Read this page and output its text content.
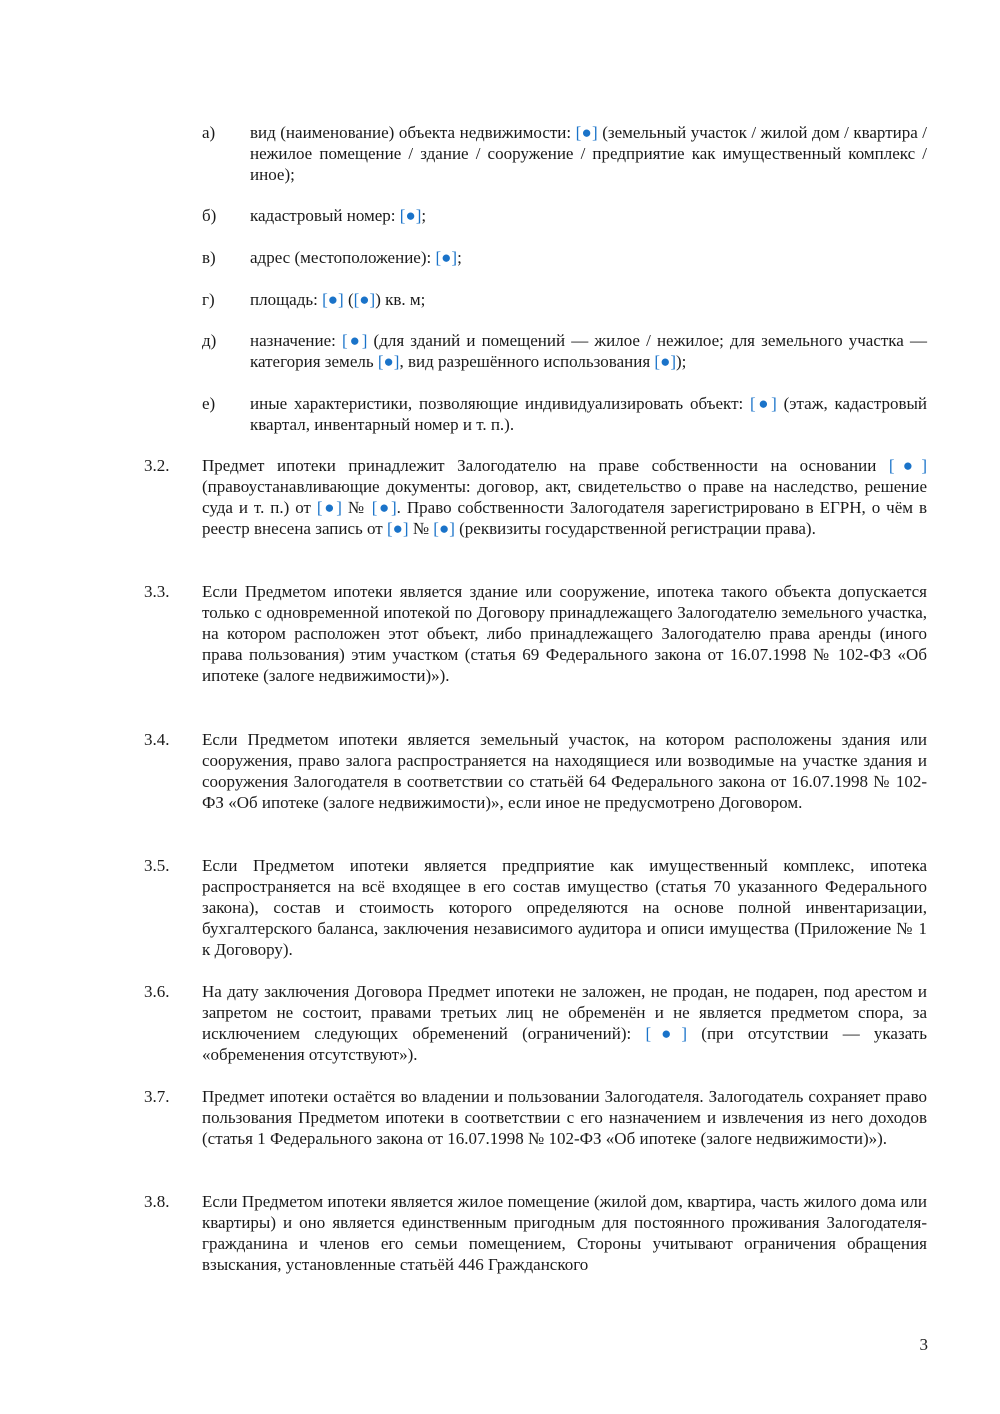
а) вид (наименование) объекта недвижимости: [●] (земельный участок / жилой дом / квартира / нежилое помещение / здание / сооружение / предприятие как имущественный комплекс / иное);
б) кадастровый номер: [●];
в) адрес (местоположение): [●];
г) площадь: [●] ([●]) кв. м;
д) назначение: [●] (для зданий и помещений — жилое / нежилое; для земельного участка — категория земель [●], вид разрешённого использования [●]);
е) иные характеристики, позволяющие индивидуализировать объект: [●] (этаж, кадастровый квартал, инвентарный номер и т. п.).
3.2. Предмет ипотеки принадлежит Залогодателю на праве собственности на основании [●] (правоустанавливающие документы: договор, акт, свидетельство о праве на наследство, решение суда и т. п.) от [●] № [●]. Право собственности Залогодателя зарегистрировано в ЕГРН, о чём в реестр внесена запись от [●] № [●] (реквизиты государственной регистрации права).
3.3. Если Предметом ипотеки является здание или сооружение, ипотека такого объекта допускается только с одновременной ипотекой по Договору принадлежащего Залогодателю земельного участка, на котором расположен этот объект, либо принадлежащего Залогодателю права аренды (иного права пользования) этим участком (статья 69 Федерального закона от 16.07.1998 № 102-ФЗ «Об ипотеке (залоге недвижимости)»).
3.4. Если Предметом ипотеки является земельный участок, на котором расположены здания или сооружения, право залога распространяется на находящиеся или возводимые на участке здания и сооружения Залогодателя в соответствии со статьёй 64 Федерального закона от 16.07.1998 № 102-ФЗ «Об ипотеке (залоге недвижимости)», если иное не предусмотрено Договором.
3.5. Если Предметом ипотеки является предприятие как имущественный комплекс, ипотека распространяется на всё входящее в его состав имущество (статья 70 указанного Федерального закона), состав и стоимость которого определяются на основе полной инвентаризации, бухгалтерского баланса, заключения независимого аудитора и описи имущества (Приложение № 1 к Договору).
3.6. На дату заключения Договора Предмет ипотеки не заложен, не продан, не подарен, под арестом и запретом не состоит, правами третьих лиц не обременён и не является предметом спора, за исключением следующих обременений (ограничений): [●] (при отсутствии — указать «обременения отсутствуют»).
3.7. Предмет ипотеки остаётся во владении и пользовании Залогодателя. Залогодатель сохраняет право пользования Предметом ипотеки в соответствии с его назначением и извлечения из него доходов (статья 1 Федерального закона от 16.07.1998 № 102-ФЗ «Об ипотеке (залоге недвижимости)»).
3.8. Если Предметом ипотеки является жилое помещение (жилой дом, квартира, часть жилого дома или квартиры) и оно является единственным пригодным для постоянного проживания Залогодателя-гражданина и членов его семьи помещением, Стороны учитывают ограничения обращения взыскания, установленные статьёй 446 Гражданского
3
